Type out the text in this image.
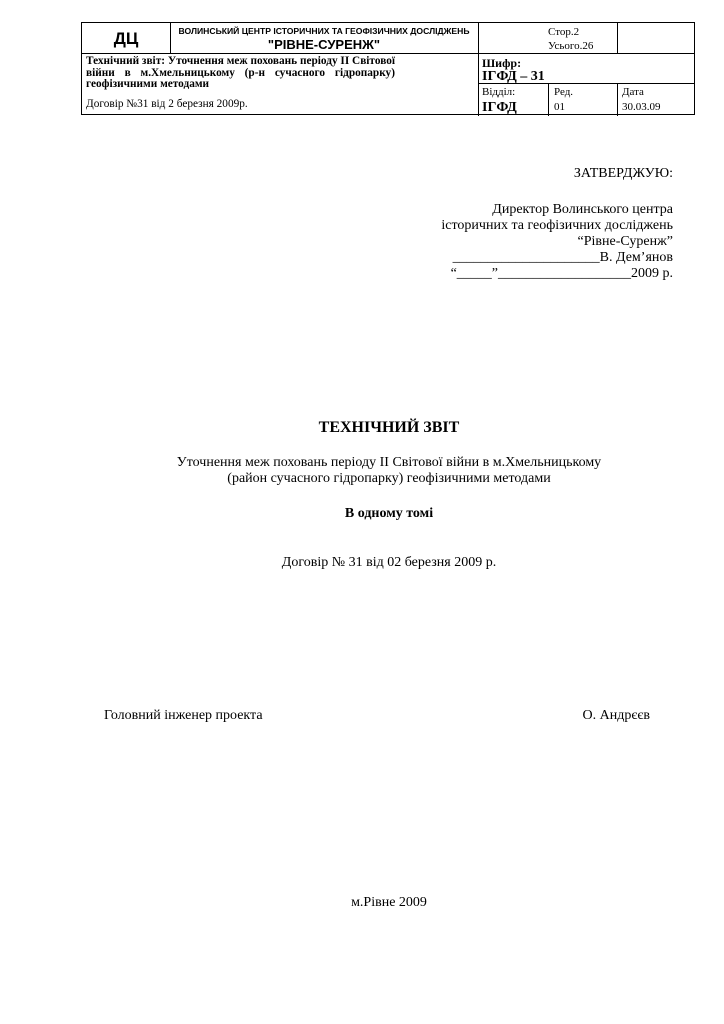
ДЦ	ВОЛИНСЬКИЙ ЦЕНТР ІСТОРИЧНИХ ТА ГЕОФІЗИЧНИХ ДОСЛІДЖЕНЬ
"РІВНЕ-СУРЕНЖ"
Стор.2
Усього.26
Технічний звіт: Уточнення меж поховань періоду ІІ Світової
війни в м.Хмельницькому (р-н сучасного гідропарку)
геофізичними методами
Договір №31 від 2 березня 2009р.
Шифр:
ІГФД – 31
Відділ:
ІГФД
Ред.
01
Дата
30.03.09
ЗАТВЕРДЖУЮ:
Директор Волинського центра
історичних та геофізичних досліджень
“Рівне-Суренж”
_____________________В. Дем’янов
“_____”___________________2009 р.
ТЕХНІЧНИЙ ЗВІТ
Уточнення меж поховань періоду ІІ Світової війни в м.Хмельницькому
(район сучасного гідропарку) геофізичними методами
В одному томі
Договір № 31 від 02 березня 2009 р.
Головний інженер проекта	О. Андрєєв
м.Рівне 2009
